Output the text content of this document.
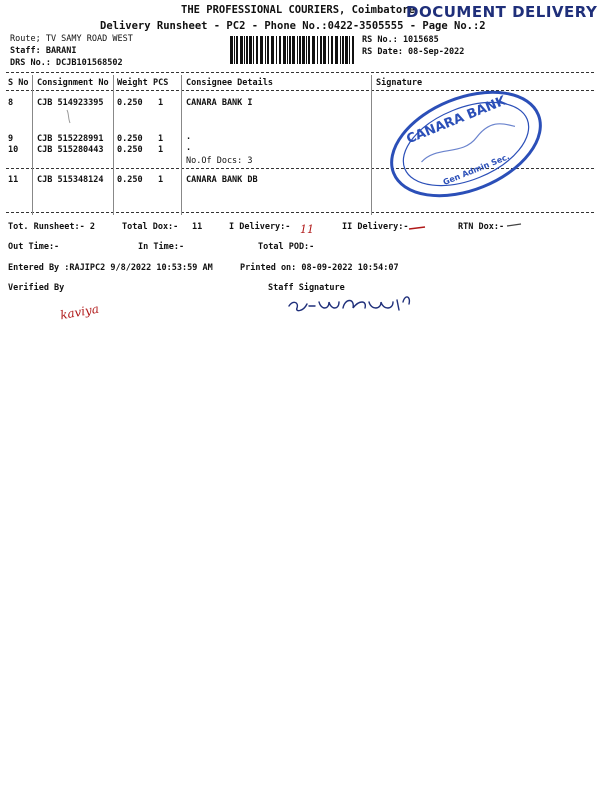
THE PROFESSIONAL COURIERS, Coimbatore
Delivery Runsheet - PC2 - Phone No.:0422-3505555 - Page No.:2
DOCUMENT DELIVERY
Route; TV SAMY ROAD WEST
Staff: BARANI
DRS No.: DCJB101568502
RS No.: 1015685
RS Date: 08-Sep-2022
S No Consignment No Weight PCS Consignee Details	Signature
8	CJB 514923395 0.250 1	CANARA BANK I
9	CJB 515228991 0.250 1	.
10 CJB 515280443 0.250 1	.
No.Of Docs: 3
11 CJB 515348124 0.250 1	CANARA BANK DB
CANARA BANK
Gen Admin Sec.
Tot. Runsheet:- 2	Total Dox:- 11	I Delivery:- 11	II Delivery:-	RTN Dox:-
Out Time:-	In Time:-	Total POD:-
Entered By :RAJIPC2 9/8/2022 10:53:59 AM	Printed on: 08-09-2022 10:54:07
Verified By	Staff Signature
kaviya
